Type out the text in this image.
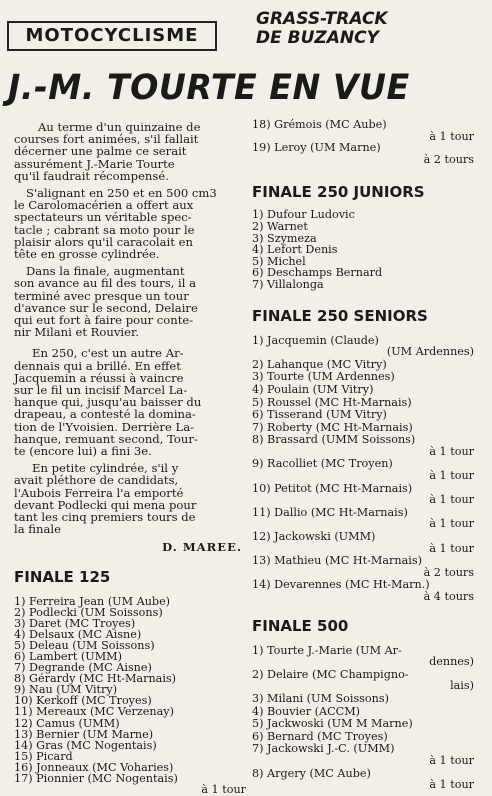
MOTOCYCLISME
GRASS-TRACK
DE BUZANCY
J.-M. TOURTE EN VUE

Au terme d'un quinzaine de
courses fort animées, s'il fallait
décerner une palme ce serait
assurément J.-Marie Tourte
qu'il faudrait récompensé.

S'alignant en 250 et en 500 cm3
le Carolomacérien a offert aux
spectateurs un véritable spec-
tacle ; cabrant sa moto pour le
plaisir alors qu'il caracolait en
tête en grosse cylindrée.

Dans la finale, augmentant
son avance au fil des tours, il a
terminé avec presque un tour
d'avance sur le second, Delaire
qui eut fort à faire pour conte-
nir Milani et Rouvier.

En 250, c'est un autre Ar-
dennais qui a brillé. En effet
Jacquemin a réussi à vaincre
sur le fil un incisif Marcel La-
hanque qui, jusqu'au baisser du
drapeau, a contesté la domina-
tion de l'Yvoisien. Derrière La-
hanque, remuant second, Tour-
te (encore lui) a fini 3e.

En petite cylindrée, s'il y
avait pléthore de candidats,
l'Aubois Ferreira l'a emporté
devant Podlecki qui mena pour
tant les cinq premiers tours de
la finale

D. MAREE.
FINALE 125
1) Ferreira Jean (UM Aube)
2) Podlecki (UM Soissons)
3) Daret (MC Troyes)
4) Delsaux (MC Aisne)
5) Deleau (UM Soissons)
6) Lambert (UMM)
7) Degrande (MC Aisne)
8) Gérardy (MC Ht-Marnais)
9) Nau (UM Vitry)
10) Kerkoff (MC Troyes)
11) Mereaux (MC Verzenay)
12) Camus (UMM)
13) Bernier (UM Marne)
14) Gras (MC Nogentais)
15) Picard
16) Jonneaux (MC Voharies)
17) Pionnier (MC Nogentais)
à 1 tour
18) Grémois (MC Aube)
à 1 tour
19) Leroy (UM Marne)
à 2 tours
FINALE 250 JUNIORS
1) Dufour Ludovic
2) Warnet
3) Szymeza
4) Lefort Denis
5) Michel
6) Deschamps Bernard
7) Villalonga
FINALE 250 SENIORS
1) Jacquemin (Claude)
(UM Ardennes)
2) Lahanque (MC Vitry)
3) Tourte (UM Ardennes)
4) Poulain (UM Vitry)
5) Roussel (MC Ht-Marnais)
6) Tisserand (UM Vitry)
7) Roberty (MC Ht-Marnais)
8) Brassard (UMM Soissons)
à 1 tour
9) Racolliet (MC Troyen)
à 1 tour
10) Petitot (MC Ht-Marnais)
à 1 tour
11) Dallio (MC Ht-Marnais)
à 1 tour
12) Jackowski (UMM)
à 1 tour
13) Mathieu (MC Ht-Marnais)
à 2 tours
14) Devarennes (MC Ht-Marn.)
à 4 tours
FINALE 500
1) Tourte J.-Marie (UM Ar-
dennes)
2) Delaire (MC Champigno-
lais)
3) Milani (UM Soissons)
4) Bouvier (ACCM)
5) Jackwoski (UM M Marne)
6) Bernard (MC Troyes)
7) Jackowski J.-C. (UMM)
à 1 tour
8) Argery (MC Aube)
à 1 tour
